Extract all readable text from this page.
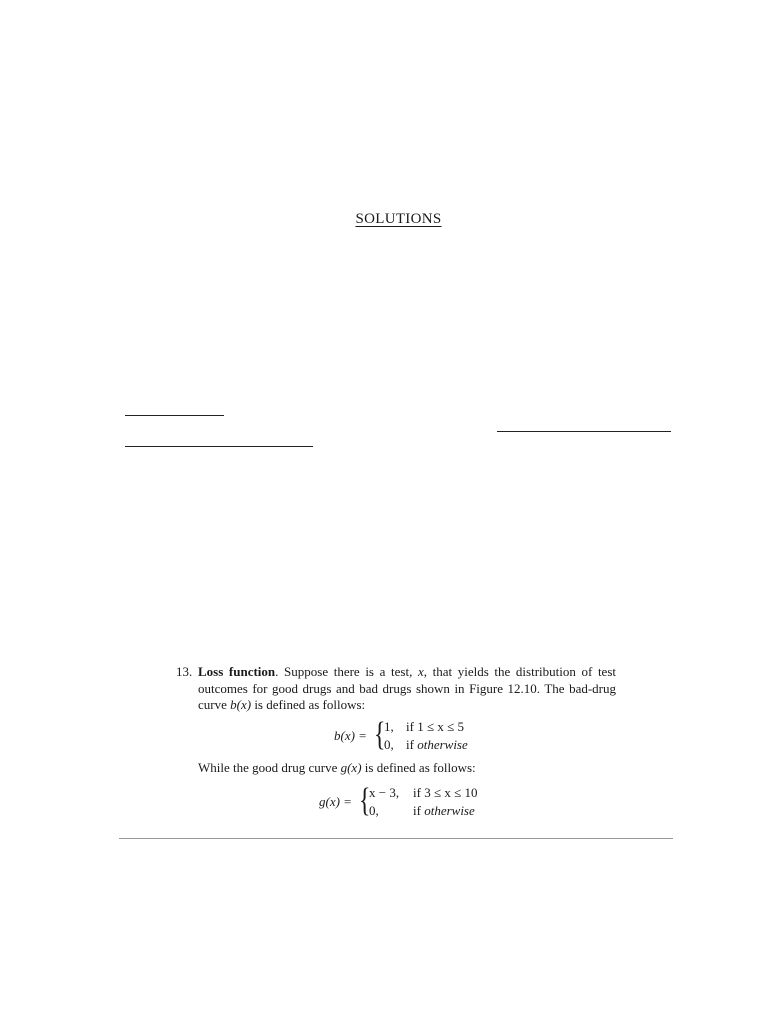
SOLUTIONS
13. Loss function. Suppose there is a test, x, that yields the distribution of test outcomes for good drugs and bad drugs shown in Figure 12.10. The bad-drug curve b(x) is defined as follows:
b(x) = {
1, if 1 ≤ x ≤ 5
0, if otherwise
While the good drug curve g(x) is defined as follows:
g(x) = {
x − 3, if 3 ≤ x ≤ 10
0,	if otherwise
